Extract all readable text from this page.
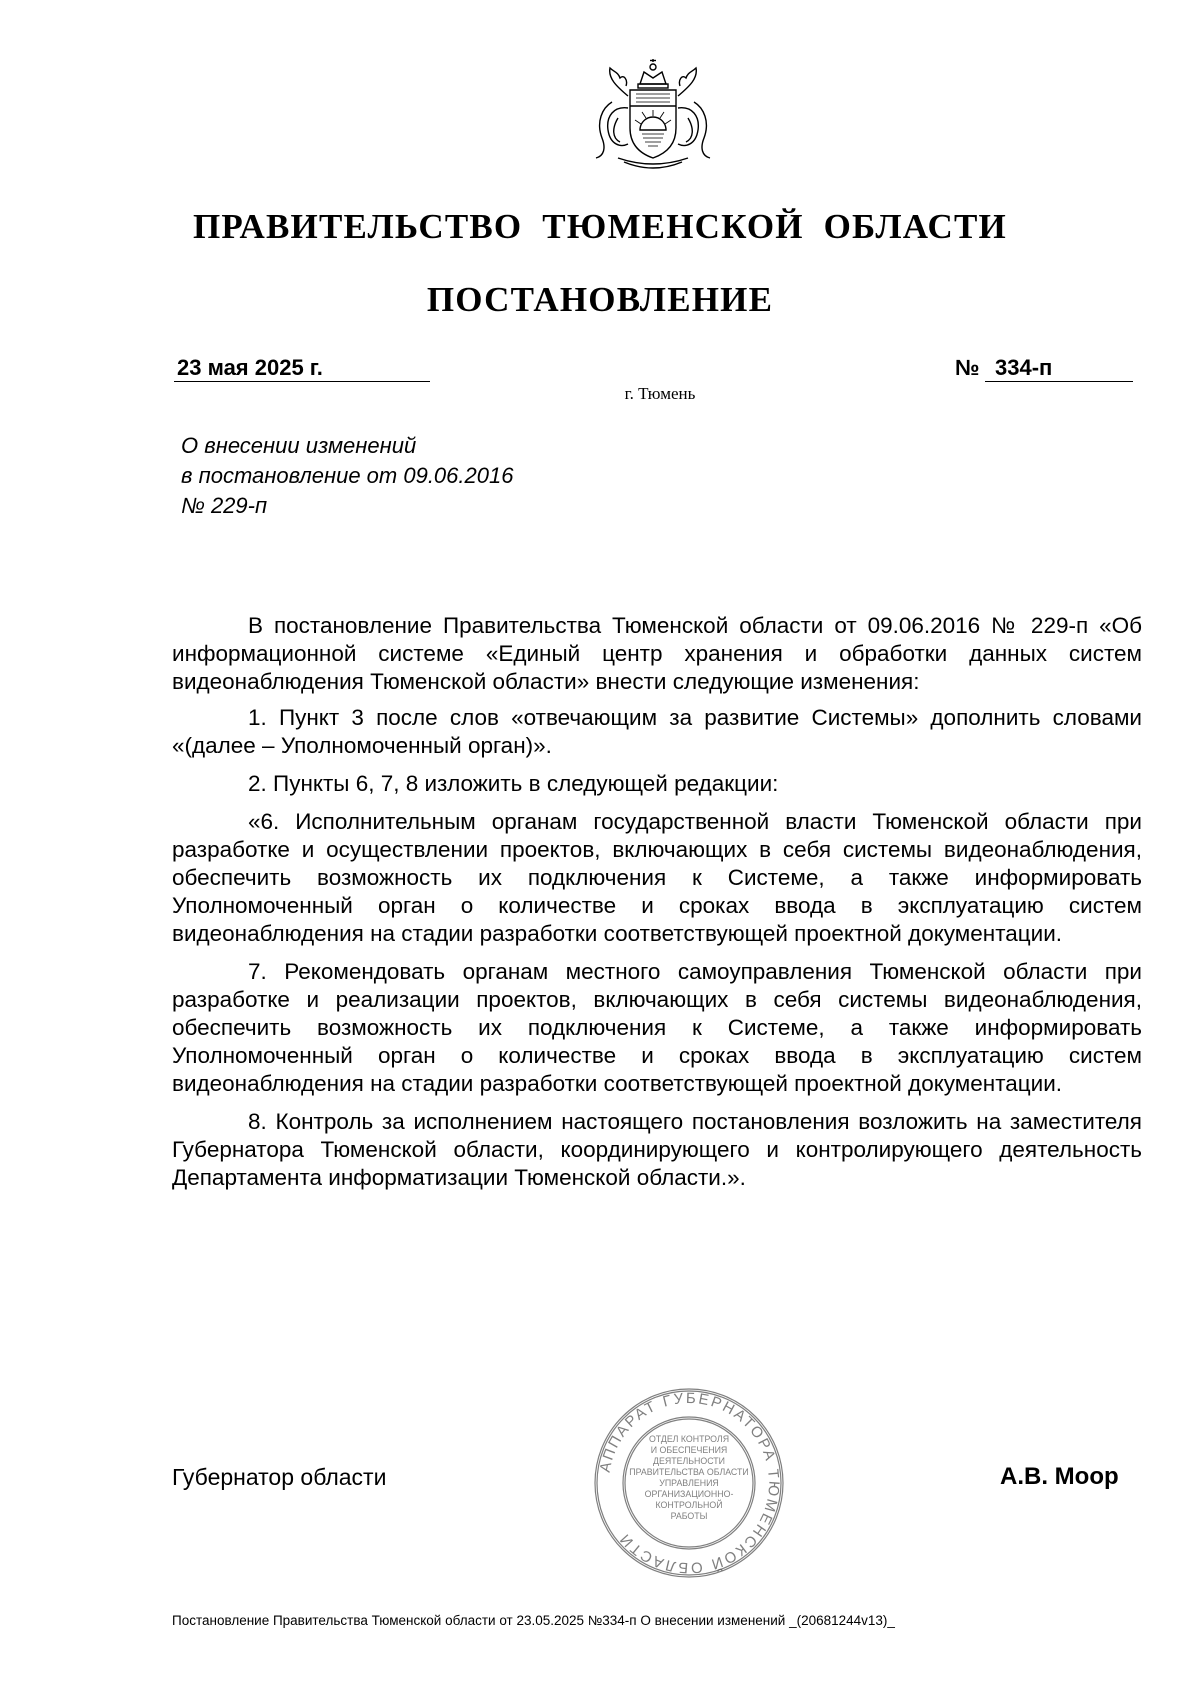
ПРАВИТЕЛЬСТВО ТЮМЕНСКОЙ ОБЛАСТИ
ПОСТАНОВЛЕНИЕ
23 мая 2025 г.	№ 334-п
г. Тюмень
О внесении изменений
в постановление от 09.06.2016
№ 229-п

В постановление Правительства Тюменской области от 09.06.2016 № 229-п «Об информационной системе «Единый центр хранения и обработки данных систем видеонаблюдения Тюменской области» внести следующие изменения:

1. Пункт 3 после слов «отвечающим за развитие Системы» дополнить словами «(далее – Уполномоченный орган)».

2. Пункты 6, 7, 8 изложить в следующей редакции:

«6. Исполнительным органам государственной власти Тюменской области при разработке и осуществлении проектов, включающих в себя системы видеонаблюдения, обеспечить возможность их подключения к Системе, а также информировать Уполномоченный орган о количестве и сроках ввода в эксплуатацию систем видеонаблюдения на стадии разработки соответствующей проектной документации.

7. Рекомендовать органам местного самоуправления Тюменской области при разработке и реализации проектов, включающих в себя системы видеонаблюдения, обеспечить возможность их подключения к Системе, а также информировать Уполномоченный орган о количестве и сроках ввода в эксплуатацию систем видеонаблюдения на стадии разработки соответствующей проектной документации.

8. Контроль за исполнением настоящего постановления возложить на заместителя Губернатора Тюменской области, координирующего и контролирующего деятельность Департамента информатизации Тюменской области.».

Губернатор области	А.В. Моор
АППАРАТ ГУБЕРНАТОРА ТЮМЕНСКОЙ ОБЛАСТИ
ОТДЕЛ КОНТРОЛЯ
И ОБЕСПЕЧЕНИЯ
ДЕЯТЕЛЬНОСТИ
ПРАВИТЕЛЬСТВА ОБЛАСТИ
УПРАВЛЕНИЯ
ОРГАНИЗАЦИОННО-
КОНТРОЛЬНОЙ
РАБОТЫ
Постановление Правительства Тюменской области от 23.05.2025 №334-п О внесении изменений _(20681244v13)_
